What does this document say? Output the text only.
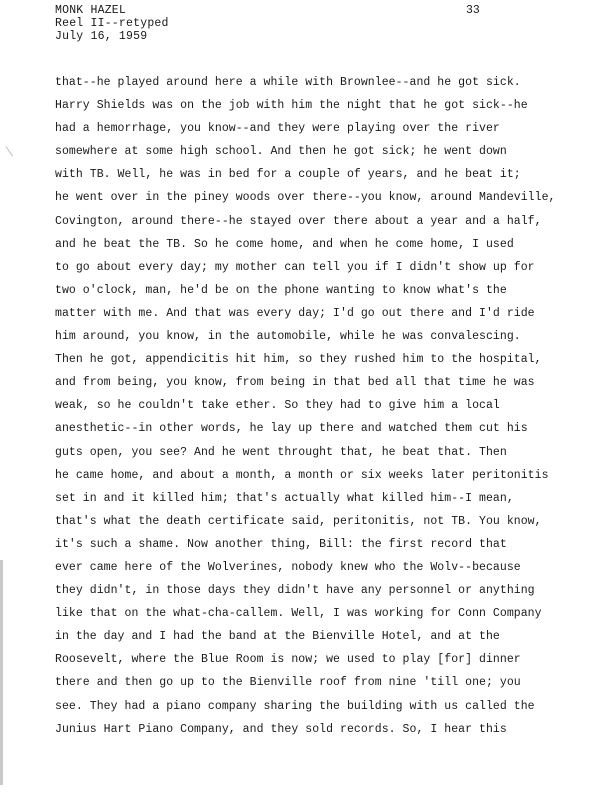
MONK HAZEL
Reel II--retyped
July 16, 1959
33
that--he played around here a while with Brownlee--and he got sick.
Harry Shields was on the job with him the night that he got sick--he
had a hemorrhage, you know--and they were playing over the river
somewhere at some high school. And then he got sick; he went down
with TB. Well, he was in bed for a couple of years, and he beat it;
he went over in the piney woods over there--you know, around Mandeville,
Covington, around there--he stayed over there about a year and a half,
and he beat the TB. So he come home, and when he come home, I used
to go about every day; my mother can tell you if I didn't show up for
two o'clock, man, he'd be on the phone wanting to know what's the
matter with me. And that was every day; I'd go out there and I'd ride
him around, you know, in the automobile, while he was convalescing.
Then he got, appendicitis hit him, so they rushed him to the hospital,
and from being, you know, from being in that bed all that time he was
weak, so he couldn't take ether. So they had to give him a local
anesthetic--in other words, he lay up there and watched them cut his
guts open, you see? And he went throught that, he beat that. Then
he came home, and about a month, a month or six weeks later peritonitis
set in and it killed him; that's actually what killed him--I mean,
that's what the death certificate said, peritonitis, not TB. You know,
it's such a shame. Now another thing, Bill: the first record that
ever came here of the Wolverines, nobody knew who the Wolv--because
they didn't, in those days they didn't have any personnel or anything
like that on the what-cha-callem. Well, I was working for Conn Company
in the day and I had the band at the Bienville Hotel, and at the
Roosevelt, where the Blue Room is now; we used to play [for] dinner
there and then go up to the Bienville roof from nine 'till one; you
see. They had a piano company sharing the building with us called the
Junius Hart Piano Company, and they sold records. So, I hear this
